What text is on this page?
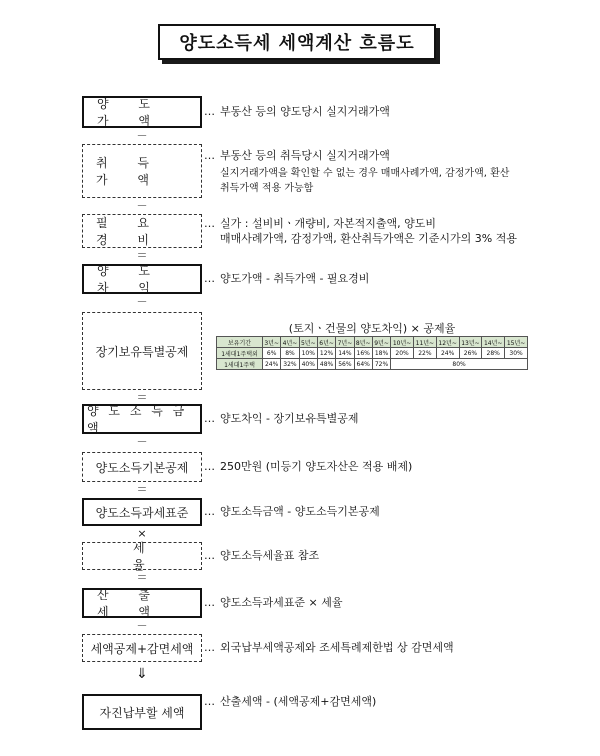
양도소득세 세액계산 흐름도
양 도 가 액
… 부동산 등의 양도당시 실지거래가액
－
취 득 가 액
… 부동산 등의 취득당시 실지거래가액
실지거래가액을 확인할 수 없는 경우 매매사례가액, 감정가액, 환산
취득가액 적용 가능함
－
필 요 경 비
… 실가 : 설비비ㆍ개량비, 자본적지출액, 양도비
매매사례가액, 감정가액, 환산취득가액은 기준시가의 3% 적용
＝
양 도 차 익
… 양도가액 - 취득가액 - 필요경비
－
장기보유특별공제
(토지ㆍ건물의 양도차익) × 공제율
보유기간	3년~	4년~	5년~	6년~	7년~	8년~	9년~	10년~	11년~	12년~	13년~	14년~	15년~
1세대1주택외	6%	8%	10%	12%	14%	16%	18%	20%	22%	24%	26%	28%	30%
1세대1주택	24%	32%	40%	48%	56%	64%	72%	80%					
＝
양 도 소 득 금 액
… 양도차익 - 장기보유특별공제
－
양도소득기본공제	… 250만원 (미등기 양도자산은 적용 배제)
＝
양도소득과세표준	… 양도소득금액 - 양도소득기본공제
×
세 율
… 양도소득세율표 참조
＝
산 출 세 액
… 양도소득과세표준 × 세율
－
세액공제+감면세액 … 외국납부세액공제와 조세특례제한법 상 감면세액
⇓
자진납부할 세액
… 산출세액 - (세액공제+감면세액)
